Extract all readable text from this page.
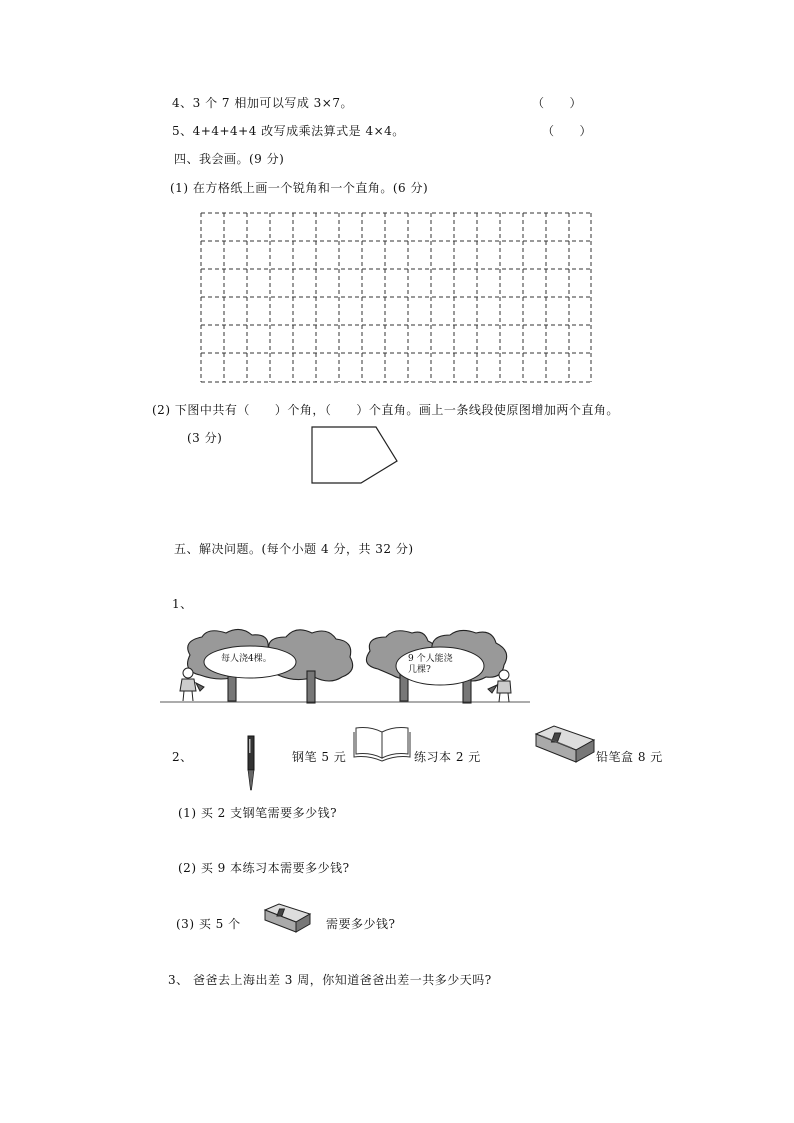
4、3 个 7 相加可以写成 3×7。	（　　）
5、4+4+4+4 改写成乘法算式是 4×4。	（　　）
四、我会画。(9 分)
(1) 在方格纸上画一个锐角和一个直角。(6 分)
(2) 下图中共有（　　）个角，（　　）个直角。画上一条线段使原图增加两个直角。
(3 分)
五、解决问题。(每个小题 4 分，共 32 分)
1、
每人浇4棵。	9 个人能浇几棵?
2、	钢笔 5 元	练习本 2 元	铅笔盒 8 元
(1) 买 2 支钢笔需要多少钱?
(2) 买 9 本练习本需要多少钱?
(3) 买 5 个	需要多少钱?
3、 爸爸去上海出差 3 周，你知道爸爸出差一共多少天吗?
